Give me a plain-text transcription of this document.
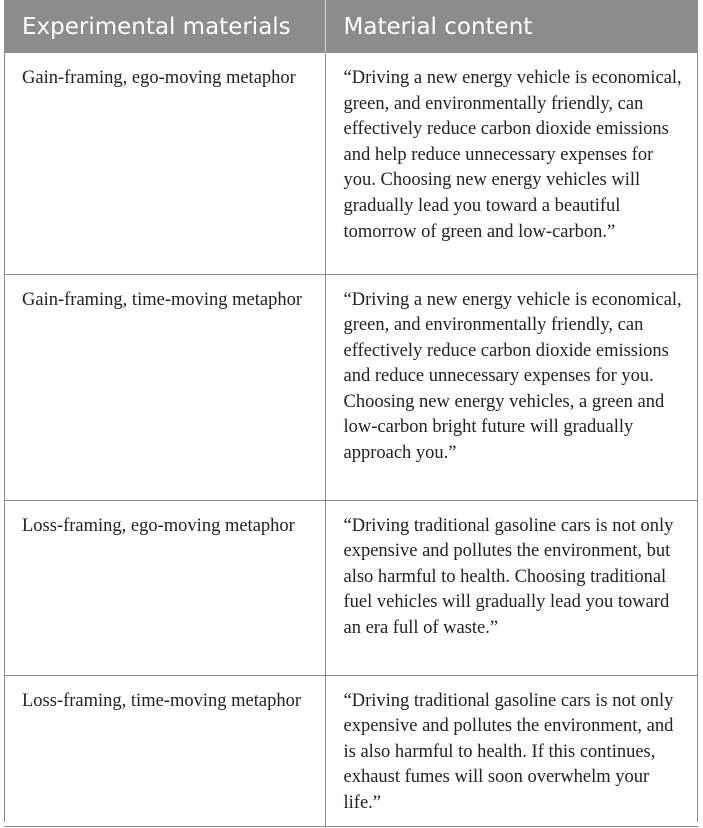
Experimental materials	Material content
Gain-framing, ego-moving metaphor	“Driving a new energy vehicle is economical, green, and environmentally friendly, can effectively reduce carbon dioxide emissions and help reduce unnecessary expenses for you. Choosing new energy vehicles will gradually lead you toward a beautiful tomorrow of green and low-carbon.”
Gain-framing, time-moving metaphor	“Driving a new energy vehicle is economical, green, and environmentally friendly, can effectively reduce carbon dioxide emissions and reduce unnecessary expenses for you. Choosing new energy vehicles, a green and low-carbon bright future will gradually approach you.”
Loss-framing, ego-moving metaphor	“Driving traditional gasoline cars is not only expensive and pollutes the environment, but also harmful to health. Choosing traditional fuel vehicles will gradually lead you toward an era full of waste.”
Loss-framing, time-moving metaphor	“Driving traditional gasoline cars is not only expensive and pollutes the environment, and is also harmful to health. If this continues, exhaust fumes will soon overwhelm your life.”
